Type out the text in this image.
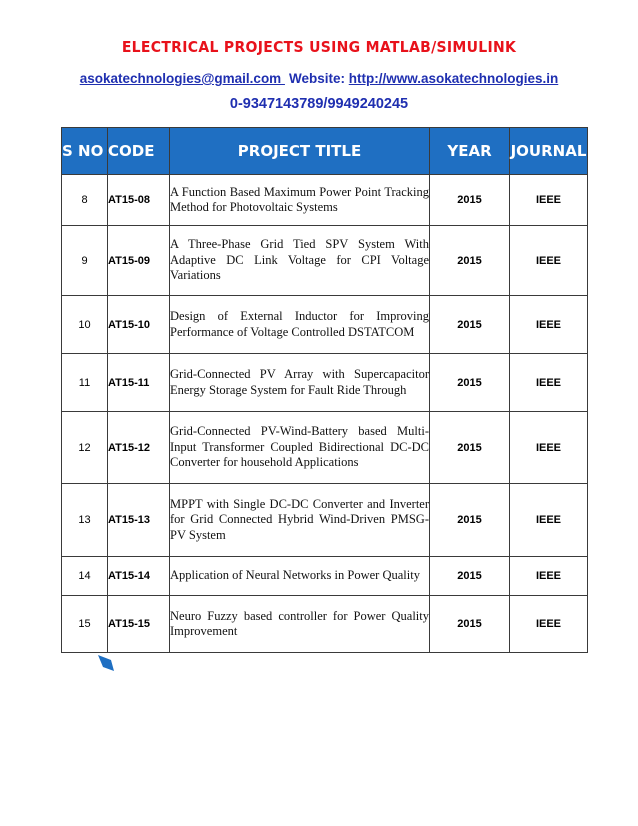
ELECTRICAL PROJECTS USING MATLAB/SIMULINK
asokatechnologies@gmail.com Website: http://www.asokatechnologies.in
0-9347143789/9949240245
S NO	CODE	PROJECT TITLE	YEAR	JOURNAL
8	AT15-08	A Function Based Maximum Power Point Tracking Method for Photovoltaic Systems	2015	IEEE
9	AT15-09	A Three-Phase Grid Tied SPV System With Adaptive DC Link Voltage for CPI Voltage Variations	2015	IEEE
10	AT15-10	Design of External Inductor for Improving Performance of Voltage Controlled DSTATCOM	2015	IEEE
11	AT15-11	Grid-Connected PV Array with Supercapacitor Energy Storage System for Fault Ride Through	2015	IEEE
12	AT15-12	Grid-Connected PV-Wind-Battery based Multi-Input Transformer Coupled Bidirectional DC-DC Converter for household Applications	2015	IEEE
13	AT15-13	MPPT with Single DC-DC Converter and Inverter for Grid Connected Hybrid Wind-Driven PMSG-PV System	2015	IEEE
14	AT15-14	Application of Neural Networks in Power Quality	2015	IEEE
15	AT15-15	Neuro Fuzzy based controller for Power Quality Improvement	2015	IEEE
